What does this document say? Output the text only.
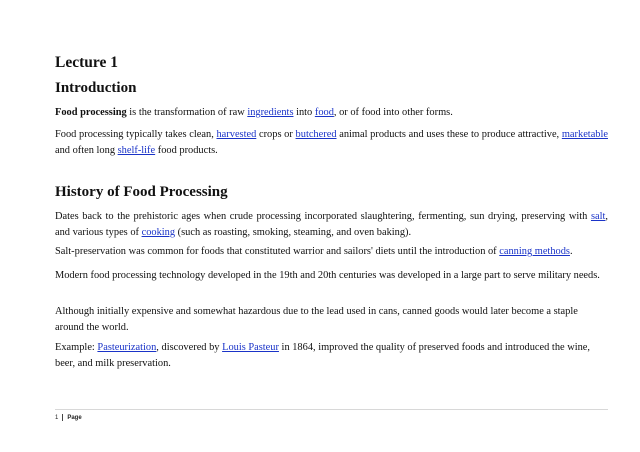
Lecture 1
Introduction

Food processing is the transformation of raw ingredients into food, or of food into other forms.

Food processing typically takes clean, harvested crops or butchered animal products and uses these to produce attractive, marketable and often long shelf-life food products.

History of Food Processing

Dates back to the prehistoric ages when crude processing incorporated slaughtering, fermenting, sun drying, preserving with salt, and various types of cooking (such as roasting, smoking, steaming, and oven baking).

Salt-preservation was common for foods that constituted warrior and sailors' diets until the introduction of canning methods.

Modern food processing technology developed in the 19th and 20th centuries was developed in a large part to serve military needs.

Although initially expensive and somewhat hazardous due to the lead used in cans, canned goods would later become a staple around the world.

Example: Pasteurization, discovered by Louis Pasteur in 1864, improved the quality of preserved foods and introduced the wine, beer, and milk preservation.

1 Page
